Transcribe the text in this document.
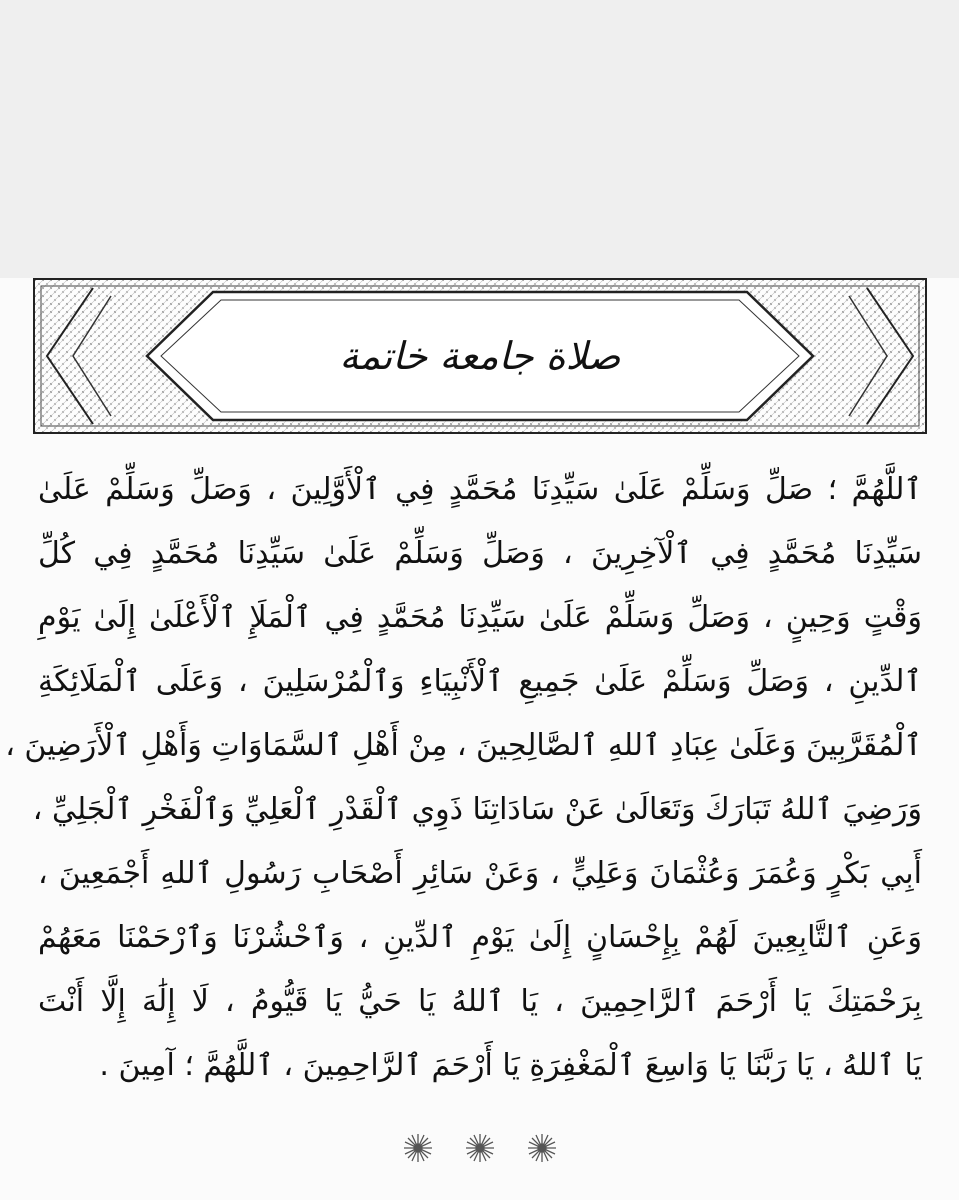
صلاة جامعة خاتمة
ٱللَّهُمَّ ؛ صَلِّ وَسَلِّمْ عَلَىٰ سَيِّدِنَا مُحَمَّدٍ فِي ٱلْأَوَّلِينَ ، وَصَلِّ وَسَلِّمْ عَلَىٰ
سَيِّدِنَا مُحَمَّدٍ فِي ٱلْآخِرِينَ ، وَصَلِّ وَسَلِّمْ عَلَىٰ سَيِّدِنَا مُحَمَّدٍ فِي كُلِّ
وَقْتٍ وَحِينٍ ، وَصَلِّ وَسَلِّمْ عَلَىٰ سَيِّدِنَا مُحَمَّدٍ فِي ٱلْمَلَإِ ٱلْأَعْلَىٰ إِلَىٰ يَوْمِ
ٱلدِّينِ ، وَصَلِّ وَسَلِّمْ عَلَىٰ جَمِيعِ ٱلْأَنْبِيَاءِ وَٱلْمُرْسَلِينَ ، وَعَلَى ٱلْمَلَائِكَةِ
ٱلْمُقَرَّبِينَ وَعَلَىٰ عِبَادِ ٱللهِ ٱلصَّالِحِينَ ، مِنْ أَهْلِ ٱلسَّمَاوَاتِ وَأَهْلِ ٱلْأَرَضِينَ ،
وَرَضِيَ ٱللهُ تَبَارَكَ وَتَعَالَىٰ عَنْ سَادَاتِنَا ذَوِي ٱلْقَدْرِ ٱلْعَلِيِّ وَٱلْفَخْرِ ٱلْجَلِيِّ ،
أَبِي بَكْرٍ وَعُمَرَ وَعُثْمَانَ وَعَلِيٍّ ، وَعَنْ سَائِرِ أَصْحَابِ رَسُولِ ٱللهِ أَجْمَعِينَ ،
وَعَنِ ٱلتَّابِعِينَ لَهُمْ بِإِحْسَانٍ إِلَىٰ يَوْمِ ٱلدِّينِ ، وَٱحْشُرْنَا وَٱرْحَمْنَا مَعَهُمْ
بِرَحْمَتِكَ يَا أَرْحَمَ ٱلرَّاحِمِينَ ، يَا ٱللهُ يَا حَيُّ يَا قَيُّومُ ، لَا إِلَٰهَ إِلَّا أَنْتَ
يَا ٱللهُ ، يَا رَبَّنَا يَا وَاسِعَ ٱلْمَغْفِرَةِ يَا أَرْحَمَ ٱلرَّاحِمِينَ ، ٱللَّهُمَّ ؛ آمِينَ .
